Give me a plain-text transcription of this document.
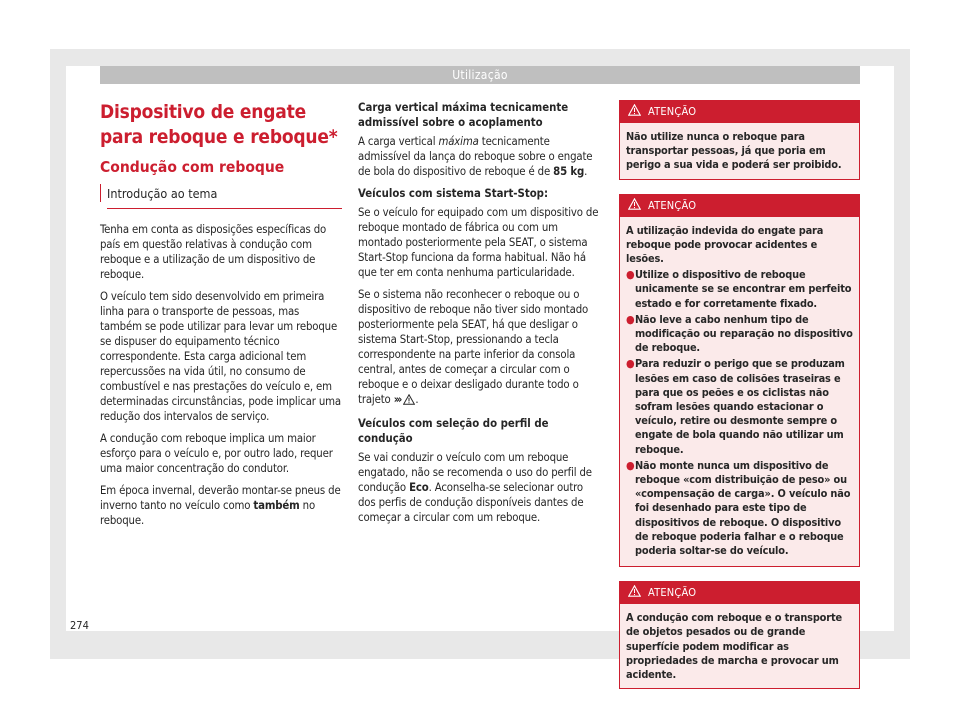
Utilização
Dispositivo de engate para reboque e reboque*
Condução com reboque
Introdução ao tema

Tenha em conta as disposições específicas do país em questão relativas à condução com reboque e a utilização de um dispositivo de reboque.

O veículo tem sido desenvolvido em primeira linha para o transporte de pessoas, mas também se pode utilizar para levar um reboque se dispuser do equipamento técnico correspondente. Esta carga adicional tem repercussões na vida útil, no consumo de combustível e nas prestações do veículo e, em determinadas circunstâncias, pode implicar uma redução dos intervalos de serviço.

A condução com reboque implica um maior esforço para o veículo e, por outro lado, requer uma maior concentração do condutor.

Em época invernal, deverão montar-se pneus de inverno tanto no veículo como também no reboque.

Carga vertical máxima tecnicamente admissível sobre o acoplamento

A carga vertical máxima tecnicamente admissível da lança do reboque sobre o engate de bola do dispositivo de reboque é de 85 kg.

Veículos com sistema Start-Stop:

Se o veículo for equipado com um dispositivo de reboque montado de fábrica ou com um montado posteriormente pela SEAT, o sistema Start-Stop funciona da forma habitual. Não há que ter em conta nenhuma particularidade.

Se o sistema não reconhecer o reboque ou o dispositivo de reboque não tiver sido montado posteriormente pela SEAT, há que desligar o sistema Start-Stop, pressionando a tecla correspondente na parte inferior da consola central, antes de começar a circular com o reboque e o deixar desligado durante todo o trajeto ››› .

Veículos com seleção do perfil de condução

Se vai conduzir o veículo com um reboque engatado, não se recomenda o uso do perfil de condução Eco. Aconselha-se selecionar outro dos perfis de condução disponíveis dantes de começar a circular com um reboque.

ATENÇÃO
Não utilize nunca o reboque para transportar pessoas, já que poria em perigo a sua vida e poderá ser proibido.
ATENÇÃO

A utilização indevida do engate para reboque pode provocar acidentes e lesões.

● Utilize o dispositivo de reboque unicamente se se encontrar em perfeito estado e for corretamente fixado.
● Não leve a cabo nenhum tipo de modificação ou reparação no dispositivo de reboque.
● Para reduzir o perigo que se produzam lesões em caso de colisões traseiras e para que os peões e os ciclistas não sofram lesões quando estacionar o veículo, retire ou desmonte sempre o engate de bola quando não utilizar um reboque.
● Não monte nunca um dispositivo de reboque «com distribuição de peso» ou «compensação de carga». O veículo não foi desenhado para este tipo de dispositivos de reboque. O dispositivo de reboque poderia falhar e o reboque poderia soltar-se do veículo.
ATENÇÃO
A condução com reboque e o transporte de objetos pesados ou de grande superfície podem modificar as propriedades de marcha e provocar um acidente.
274
